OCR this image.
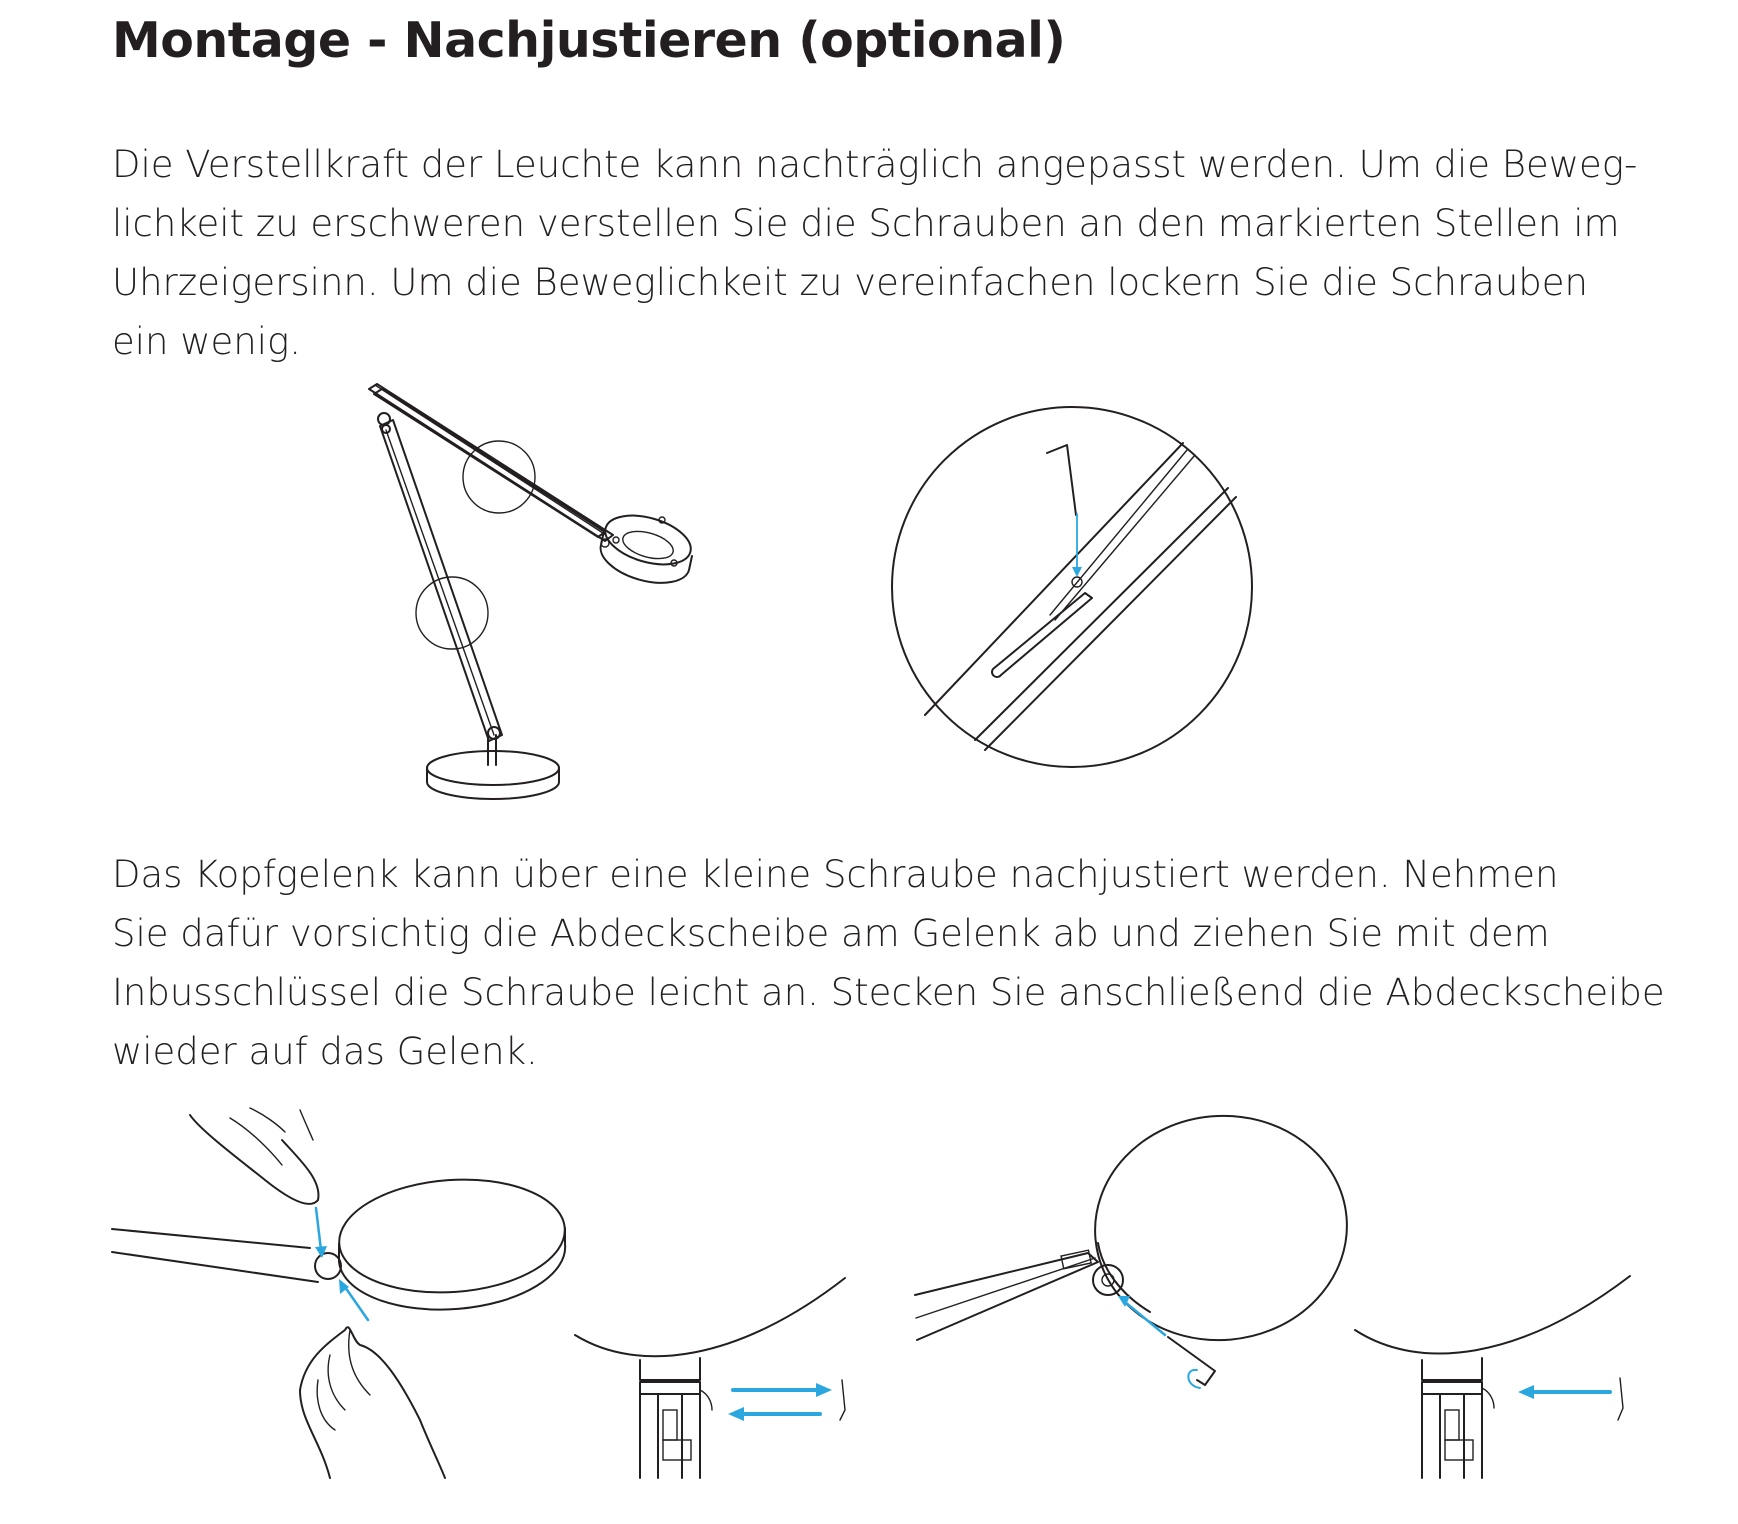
Montage - Nachjustieren (optional)

Die Verstellkraft der Leuchte kann nachträglich angepasst werden. Um die Beweg-
lichkeit zu erschweren verstellen Sie die Schrauben an den markierten Stellen im
Uhrzeigersinn. Um die Beweglichkeit zu vereinfachen lockern Sie die Schrauben
ein wenig.

Das Kopfgelenk kann über eine kleine Schraube nachjustiert werden. Nehmen
Sie dafür vorsichtig die Abdeckscheibe am Gelenk ab und ziehen Sie mit dem
Inbusschlüssel die Schraube leicht an. Stecken Sie anschließend die Abdeckscheibe
wieder auf das Gelenk.
